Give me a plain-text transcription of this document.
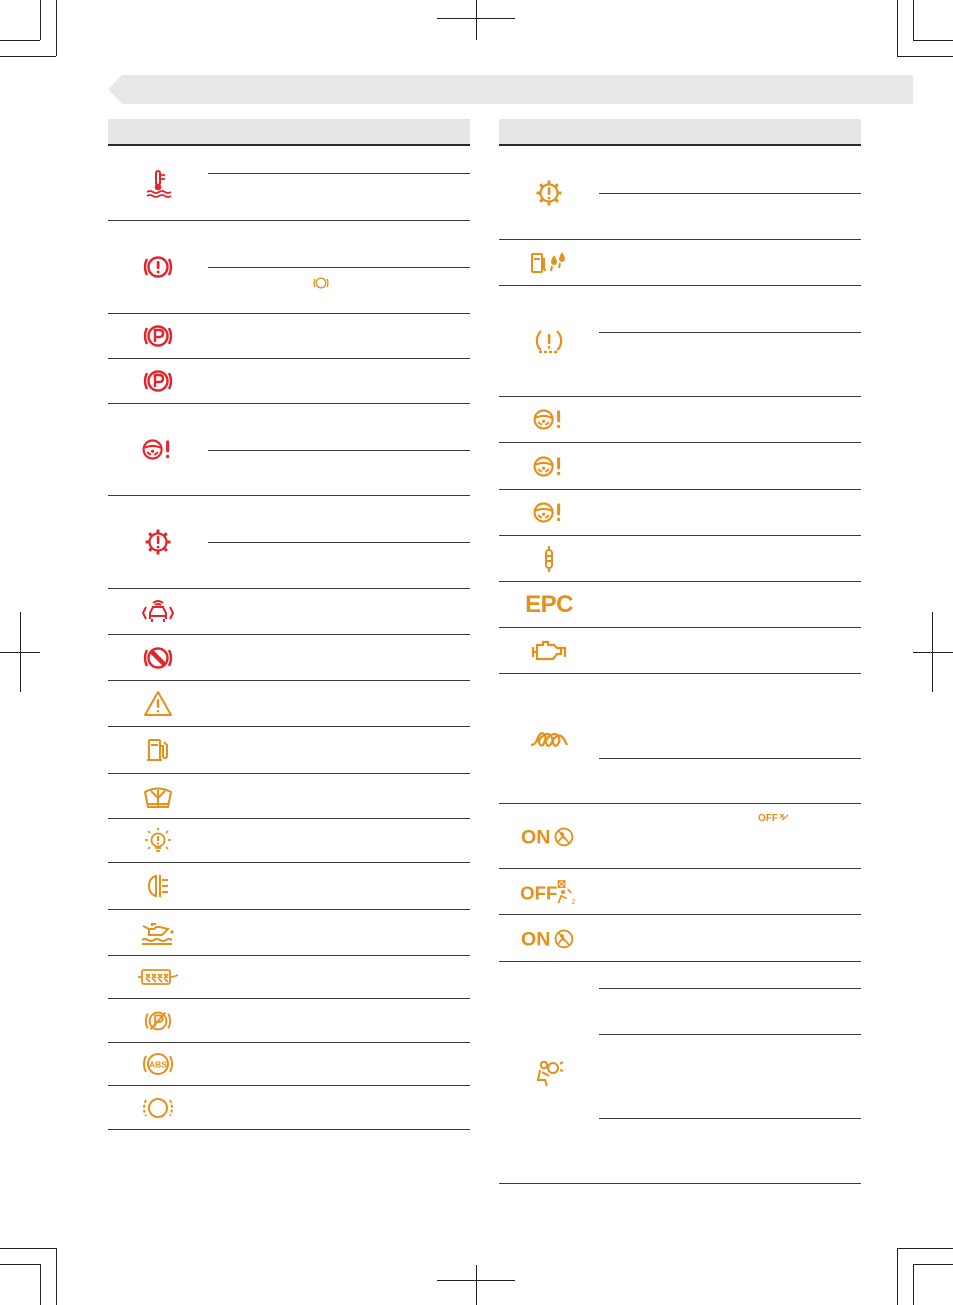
ABS
EPC
ON
OFF
OFF 2
ON
